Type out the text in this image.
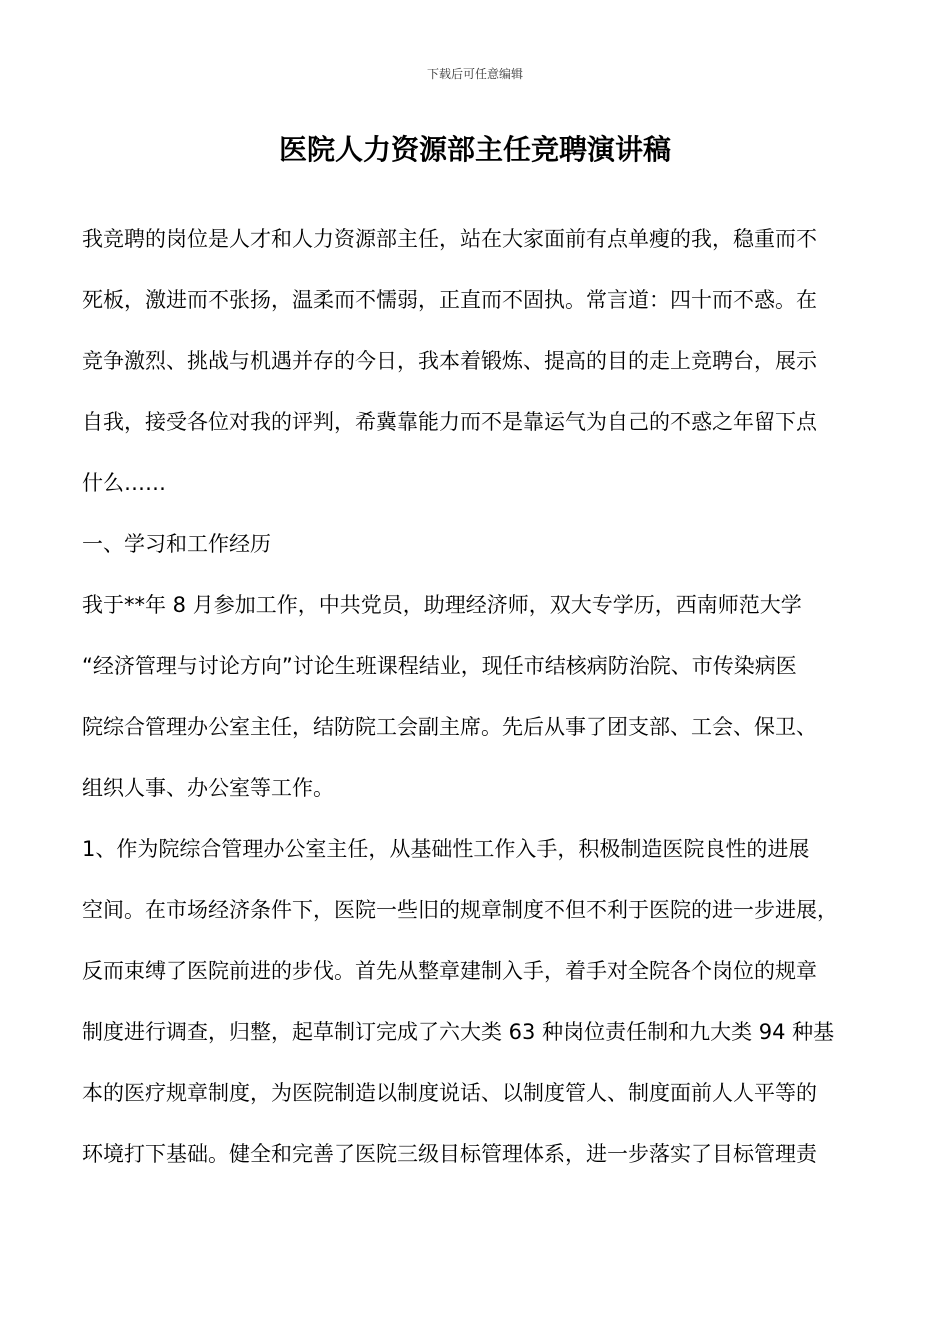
下载后可任意编辑
医院人力资源部主任竞聘演讲稿
我竞聘的岗位是人才和人力资源部主任，站在大家面前有点单瘦的我，稳重而不
死板，激进而不张扬，温柔而不懦弱，正直而不固执。常言道：四十而不惑。在
竞争激烈、挑战与机遇并存的今日，我本着锻炼、提高的目的走上竞聘台，展示
自我，接受各位对我的评判，希冀靠能力而不是靠运气为自己的不惑之年留下点
什么……
一、学习和工作经历
我于**年 8 月参加工作，中共党员，助理经济师，双大专学历，西南师范大学
“经济管理与讨论方向”讨论生班课程结业，现任市结核病防治院、市传染病医
院综合管理办公室主任，结防院工会副主席。先后从事了团支部、工会、保卫、
组织人事、办公室等工作。
1、作为院综合管理办公室主任，从基础性工作入手，积极制造医院良性的进展
空间。在市场经济条件下，医院一些旧的规章制度不但不利于医院的进一步进展，
反而束缚了医院前进的步伐。首先从整章建制入手，着手对全院各个岗位的规章
制度进行调查，归整，起草制订完成了六大类 63 种岗位责任制和九大类 94 种基
本的医疗规章制度，为医院制造以制度说话、以制度管人、制度面前人人平等的
环境打下基础。健全和完善了医院三级目标管理体系，进一步落实了目标管理责
